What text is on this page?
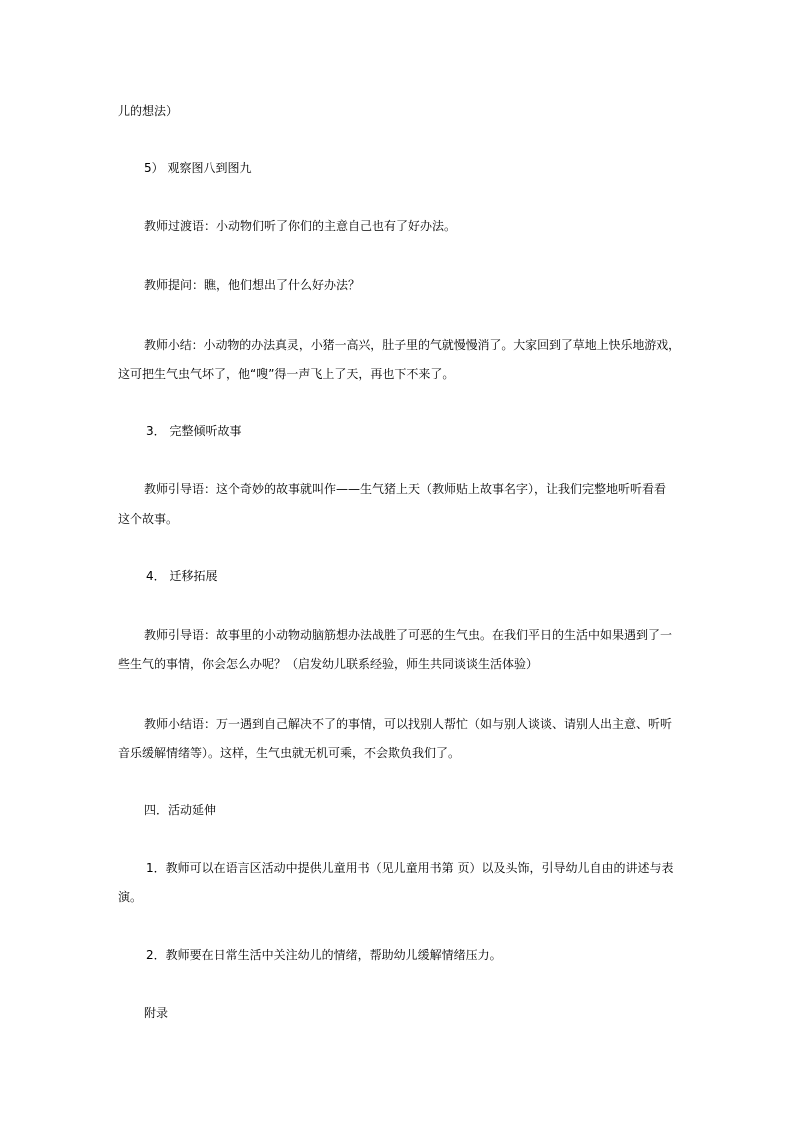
儿的想法）
5） 观察图八到图九
教师过渡语：小动物们听了你们的主意自己也有了好办法。
教师提问：瞧，他们想出了什么好办法？
教师小结：小动物的办法真灵，小猪一高兴，肚子里的气就慢慢消了。大家回到了草地上快乐地游戏，
这可把生气虫气坏了，他“嗖”得一声飞上了天，再也下不来了。
3． 完整倾听故事
教师引导语：这个奇妙的故事就叫作——生气猪上天（教师贴上故事名字），让我们完整地听听看看
这个故事。
4． 迁移拓展
教师引导语：故事里的小动物动脑筋想办法战胜了可恶的生气虫。在我们平日的生活中如果遇到了一
些生气的事情，你会怎么办呢？（启发幼儿联系经验，师生共同谈谈生活体验）
教师小结语：万一遇到自己解决不了的事情，可以找别人帮忙（如与别人谈谈、请别人出主意、听听
音乐缓解情绪等）。这样，生气虫就无机可乘，不会欺负我们了。
四．活动延伸
1．教师可以在语言区活动中提供儿童用书（见儿童用书第 页）以及头饰，引导幼儿自由的讲述与表
演。
2．教师要在日常生活中关注幼儿的情绪，帮助幼儿缓解情绪压力。
附录
